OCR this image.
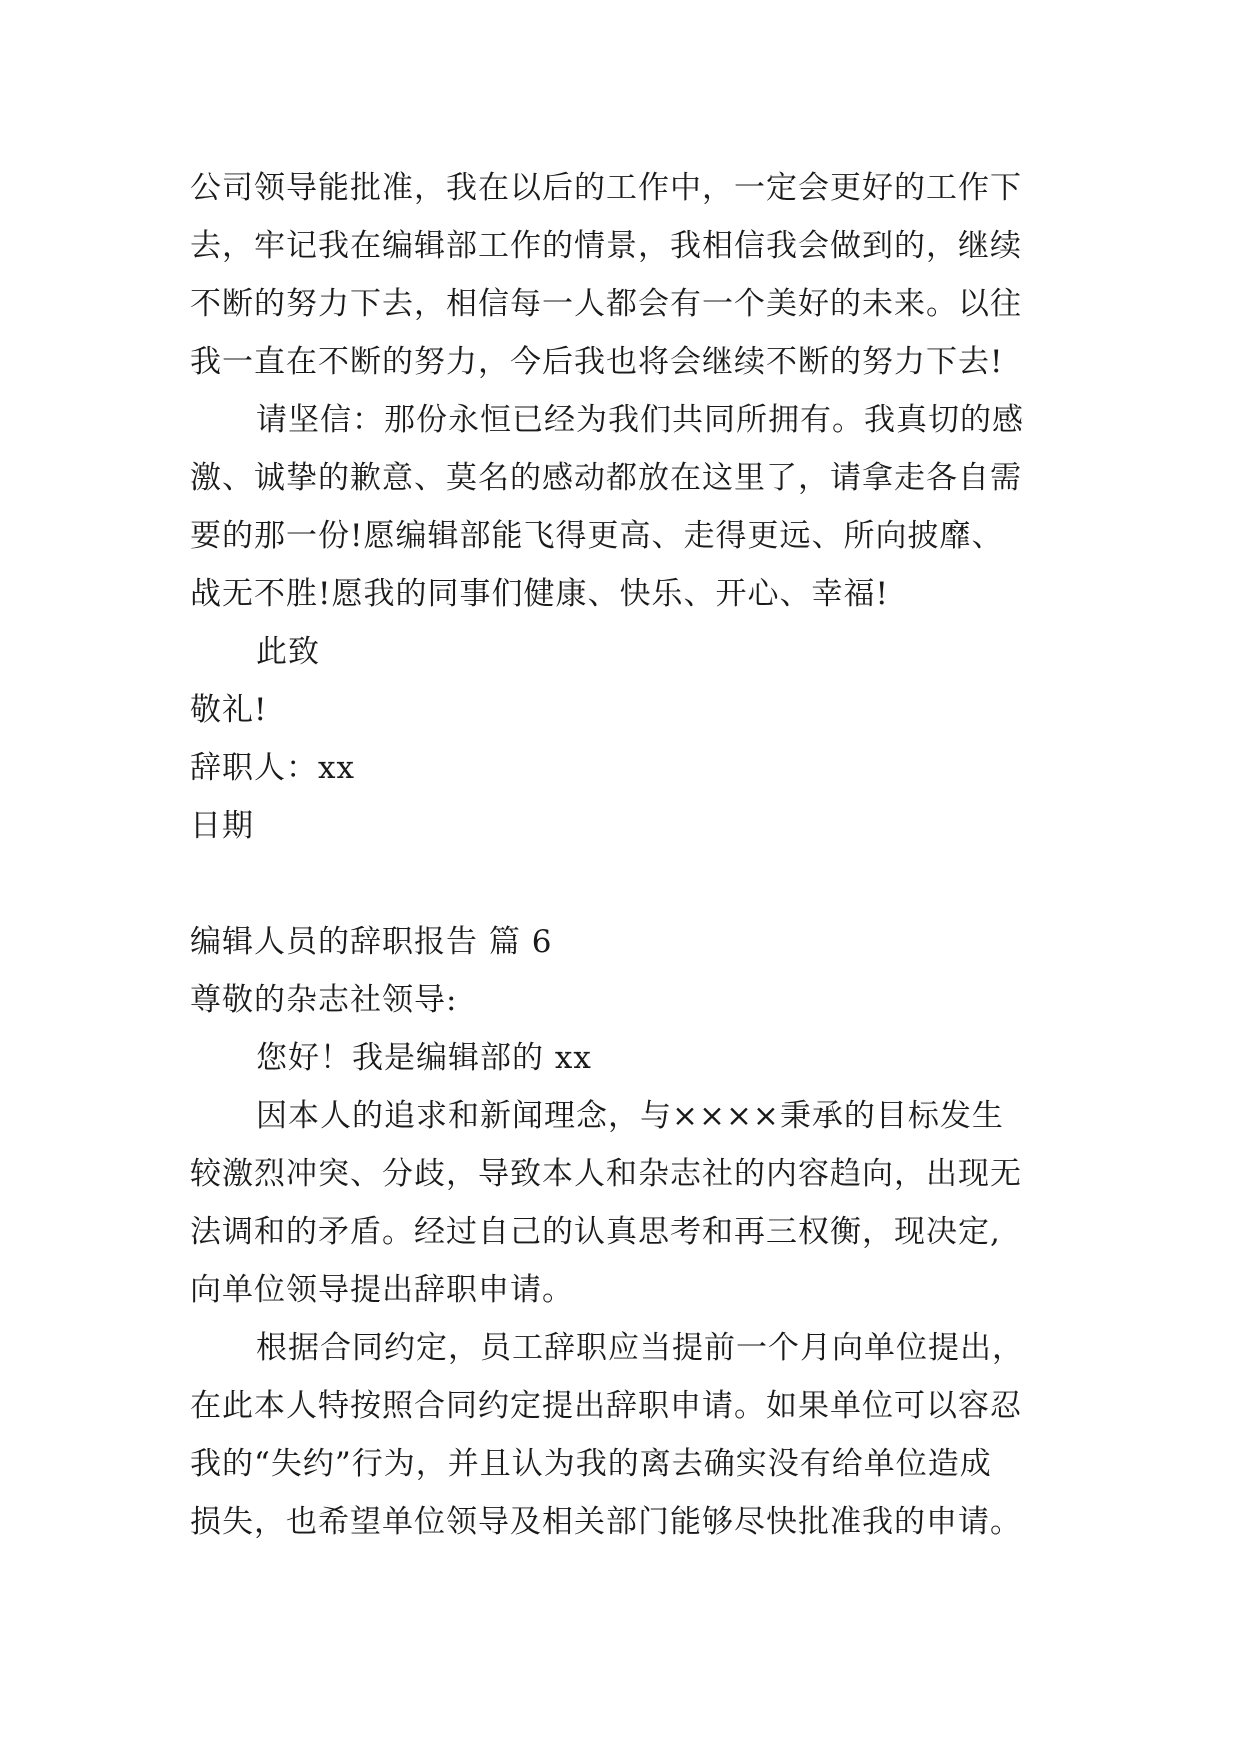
公司领导能批准，我在以后的工作中，一定会更好的工作下
去，牢记我在编辑部工作的情景，我相信我会做到的，继续
不断的努力下去，相信每一人都会有一个美好的未来。以往
我一直在不断的努力，今后我也将会继续不断的努力下去!
请坚信：那份永恒已经为我们共同所拥有。我真切的感
激、诚挚的歉意、莫名的感动都放在这里了，请拿走各自需
要的那一份!愿编辑部能飞得更高、走得更远、所向披靡、
战无不胜!愿我的同事们健康、快乐、开心、幸福!
此致
敬礼!
辞职人：xx
日期
编辑人员的辞职报告 篇 6
尊敬的杂志社领导:
您好！我是编辑部的 xx
因本人的追求和新闻理念，与××××秉承的目标发生
较激烈冲突、分歧，导致本人和杂志社的内容趋向，出现无
法调和的矛盾。经过自己的认真思考和再三权衡，现决定,
向单位领导提出辞职申请。
根据合同约定，员工辞职应当提前一个月向单位提出，
在此本人特按照合同约定提出辞职申请。如果单位可以容忍
我的“失约”行为，并且认为我的离去确实没有给单位造成
损失，也希望单位领导及相关部门能够尽快批准我的申请。
